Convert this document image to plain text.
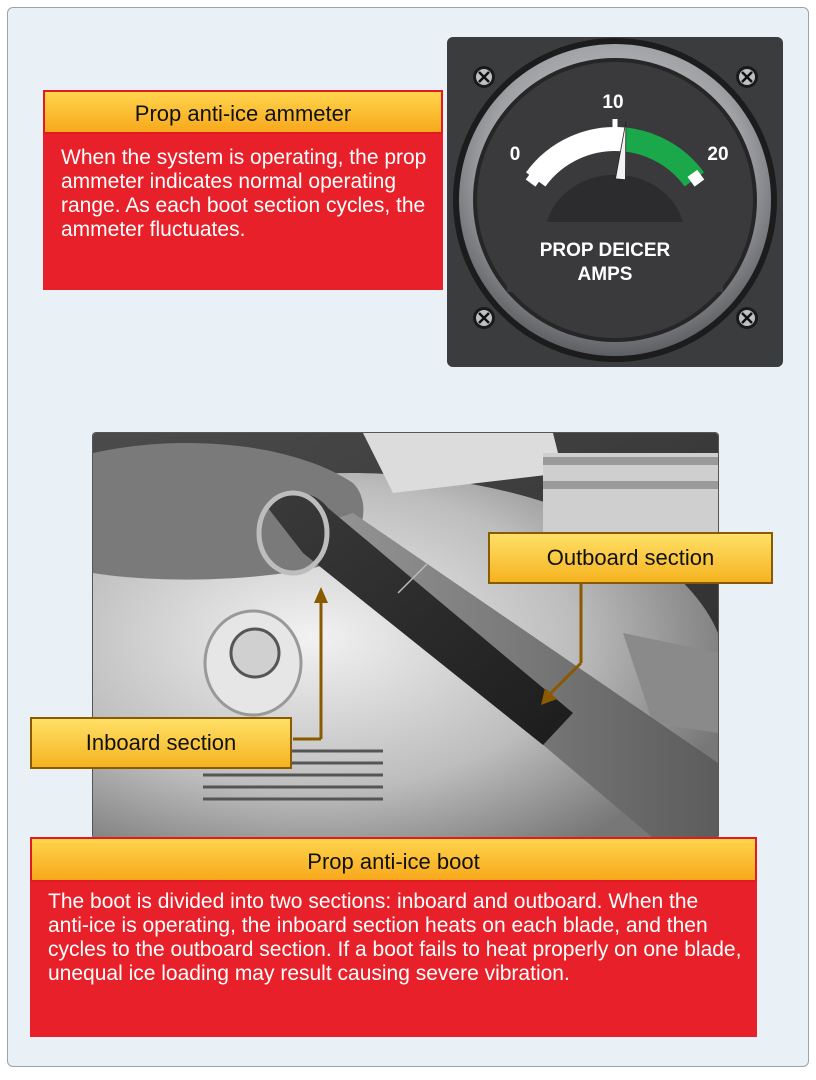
Prop anti-ice ammeter
When the system is operating, the prop ammeter indicates normal operating range. As each boot section cycles, the ammeter fluctuates.
0
10
20
PROP DEICER
AMPS
Outboard section
Inboard section
Prop anti-ice boot
The boot is divided into two sections: inboard and outboard. When the anti-ice is operating, the inboard section heats on each blade, and then cycles to the outboard section. If a boot fails to heat properly on one blade, unequal ice loading may result causing severe vibration.
